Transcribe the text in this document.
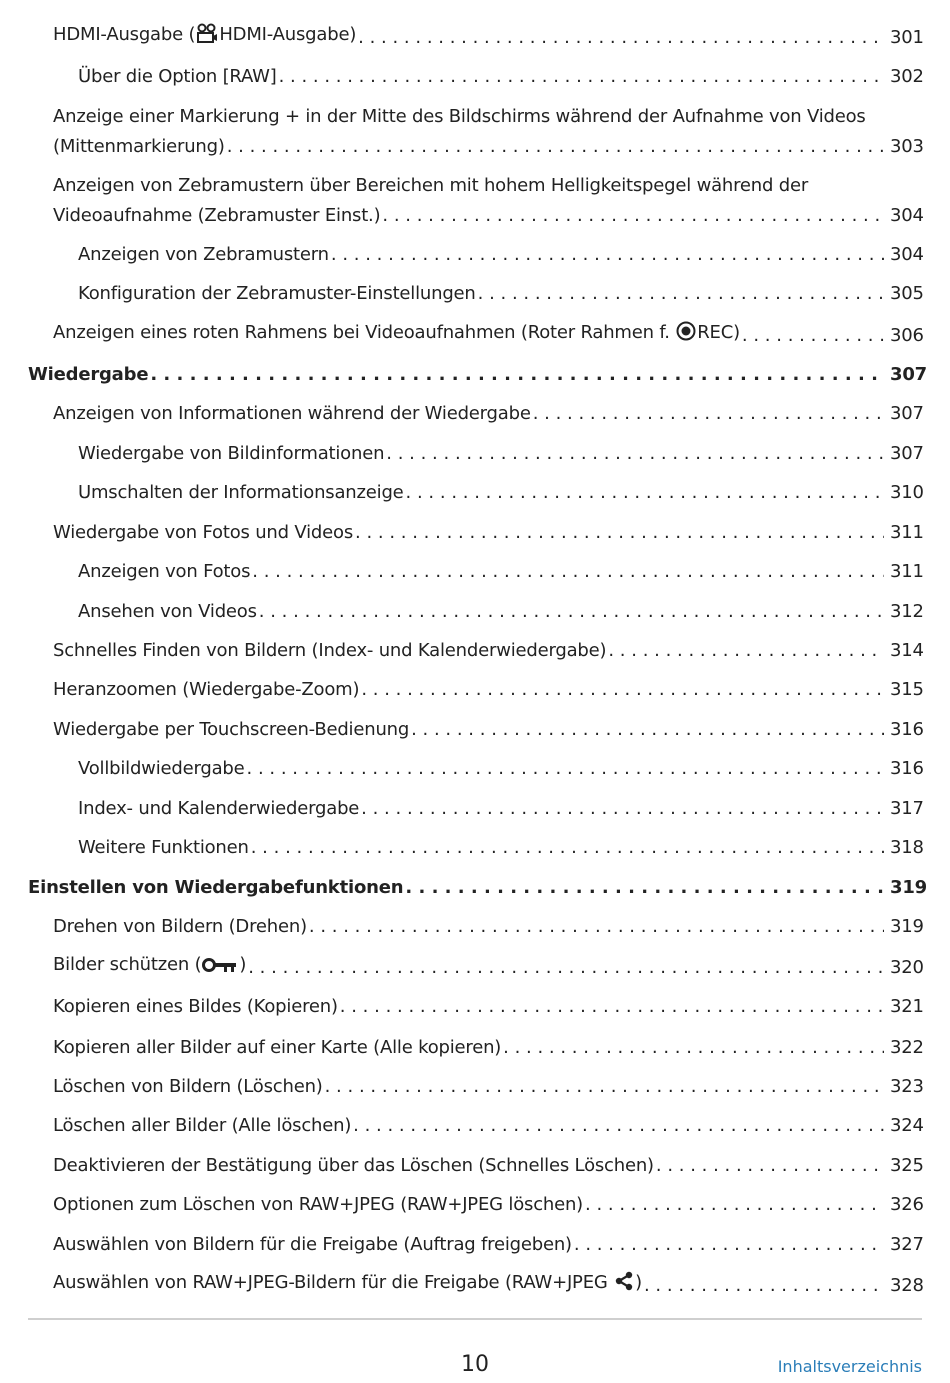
HDMI-Ausgabe ( HDMI-Ausgabe) . . .	301
Über die Option [RAW] . . .	302
Anzeige einer Markierung + in der Mitte des Bildschirms während der Aufnahme von Videos
(Mittenmarkierung) . . .	303
Anzeigen von Zebramustern über Bereichen mit hohem Helligkeitspegel während der
Videoaufnahme (Zebramuster Einst.) . . .	304
Anzeigen von Zebramustern . . .	304
Konfiguration der Zebramuster-Einstellungen . . .	305
Anzeigen eines roten Rahmens bei Videoaufnahmen (Roter Rahmen f. REC) . . .	306
Wiedergabe . . .	307
Anzeigen von Informationen während der Wiedergabe . . .	307
Wiedergabe von Bildinformationen . . .	307
Umschalten der Informationsanzeige . . .	310
Wiedergabe von Fotos und Videos . . .	311
Anzeigen von Fotos . . .	311
Ansehen von Videos . . .	312
Schnelles Finden von Bildern (Index- und Kalenderwiedergabe) . . .	314
Heranzoomen (Wiedergabe-Zoom) . . .	315
Wiedergabe per Touchscreen-Bedienung . . .	316
Vollbildwiedergabe . . .	316
Index- und Kalenderwiedergabe . . .	317
Weitere Funktionen . . .	318
Einstellen von Wiedergabefunktionen . . .	319
Drehen von Bildern (Drehen) . . .	319
Bilder schützen ( ) . . .	320
Kopieren eines Bildes (Kopieren) . . .	321
Kopieren aller Bilder auf einer Karte (Alle kopieren) . . .	322
Löschen von Bildern (Löschen) . . .	323
Löschen aller Bilder (Alle löschen) . . .	324
Deaktivieren der Bestätigung über das Löschen (Schnelles Löschen) . . .	325
Optionen zum Löschen von RAW+JPEG (RAW+JPEG löschen) . . .	326
Auswählen von Bildern für die Freigabe (Auftrag freigeben) . . .	327
Auswählen von RAW+JPEG-Bildern für die Freigabe (RAW+JPEG ) . . .	328
10	Inhaltsverzeichnis
